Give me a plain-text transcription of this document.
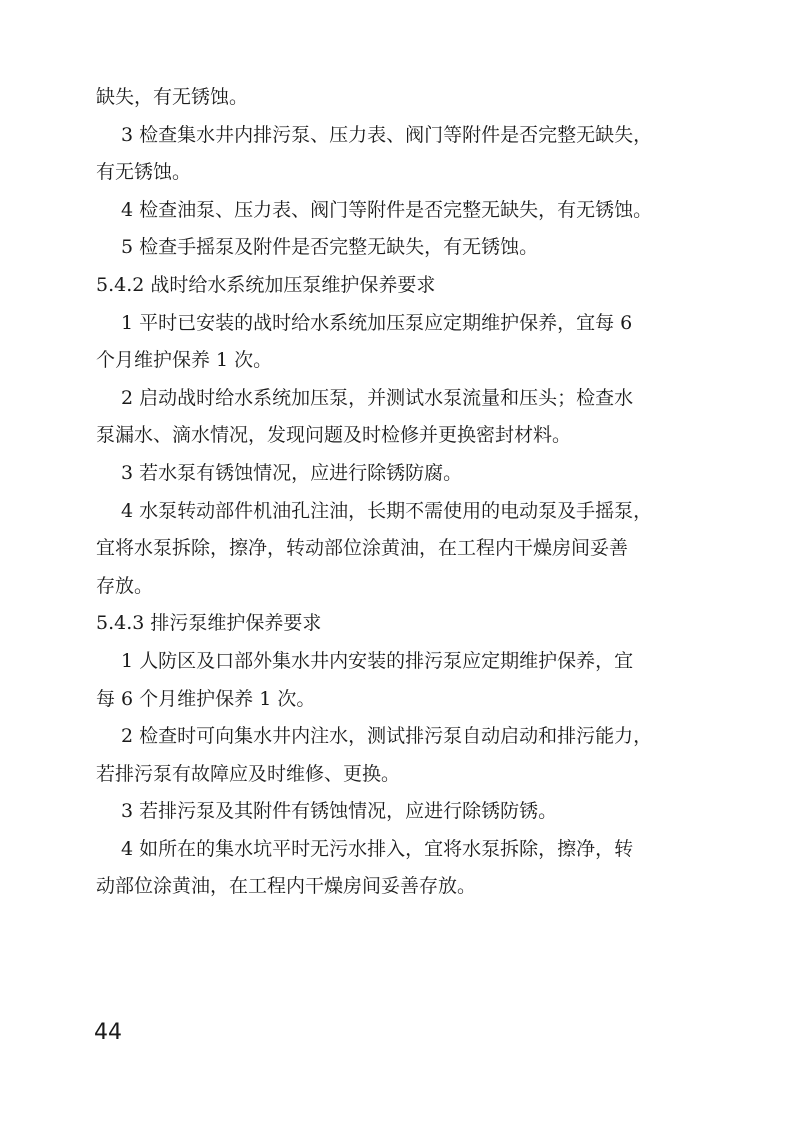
缺失，有无锈蚀。
3 检查集水井内排污泵、压力表、阀门等附件是否完整无缺失，
有无锈蚀。
4 检查油泵、压力表、阀门等附件是否完整无缺失，有无锈蚀。
5 检查手摇泵及附件是否完整无缺失，有无锈蚀。
5.4.2 战时给水系统加压泵维护保养要求
1 平时已安装的战时给水系统加压泵应定期维护保养，宜每 6
个月维护保养 1 次。
2 启动战时给水系统加压泵，并测试水泵流量和压头；检查水
泵漏水、滴水情况，发现问题及时检修并更换密封材料。
3 若水泵有锈蚀情况，应进行除锈防腐。
4 水泵转动部件机油孔注油，长期不需使用的电动泵及手摇泵，
宜将水泵拆除，擦净，转动部位涂黄油，在工程内干燥房间妥善
存放。
5.4.3 排污泵维护保养要求
1 人防区及口部外集水井内安装的排污泵应定期维护保养，宜
每 6 个月维护保养 1 次。
2 检查时可向集水井内注水，测试排污泵自动启动和排污能力，
若排污泵有故障应及时维修、更换。
3 若排污泵及其附件有锈蚀情况，应进行除锈防锈。
4 如所在的集水坑平时无污水排入，宜将水泵拆除，擦净，转
动部位涂黄油，在工程内干燥房间妥善存放。
44
